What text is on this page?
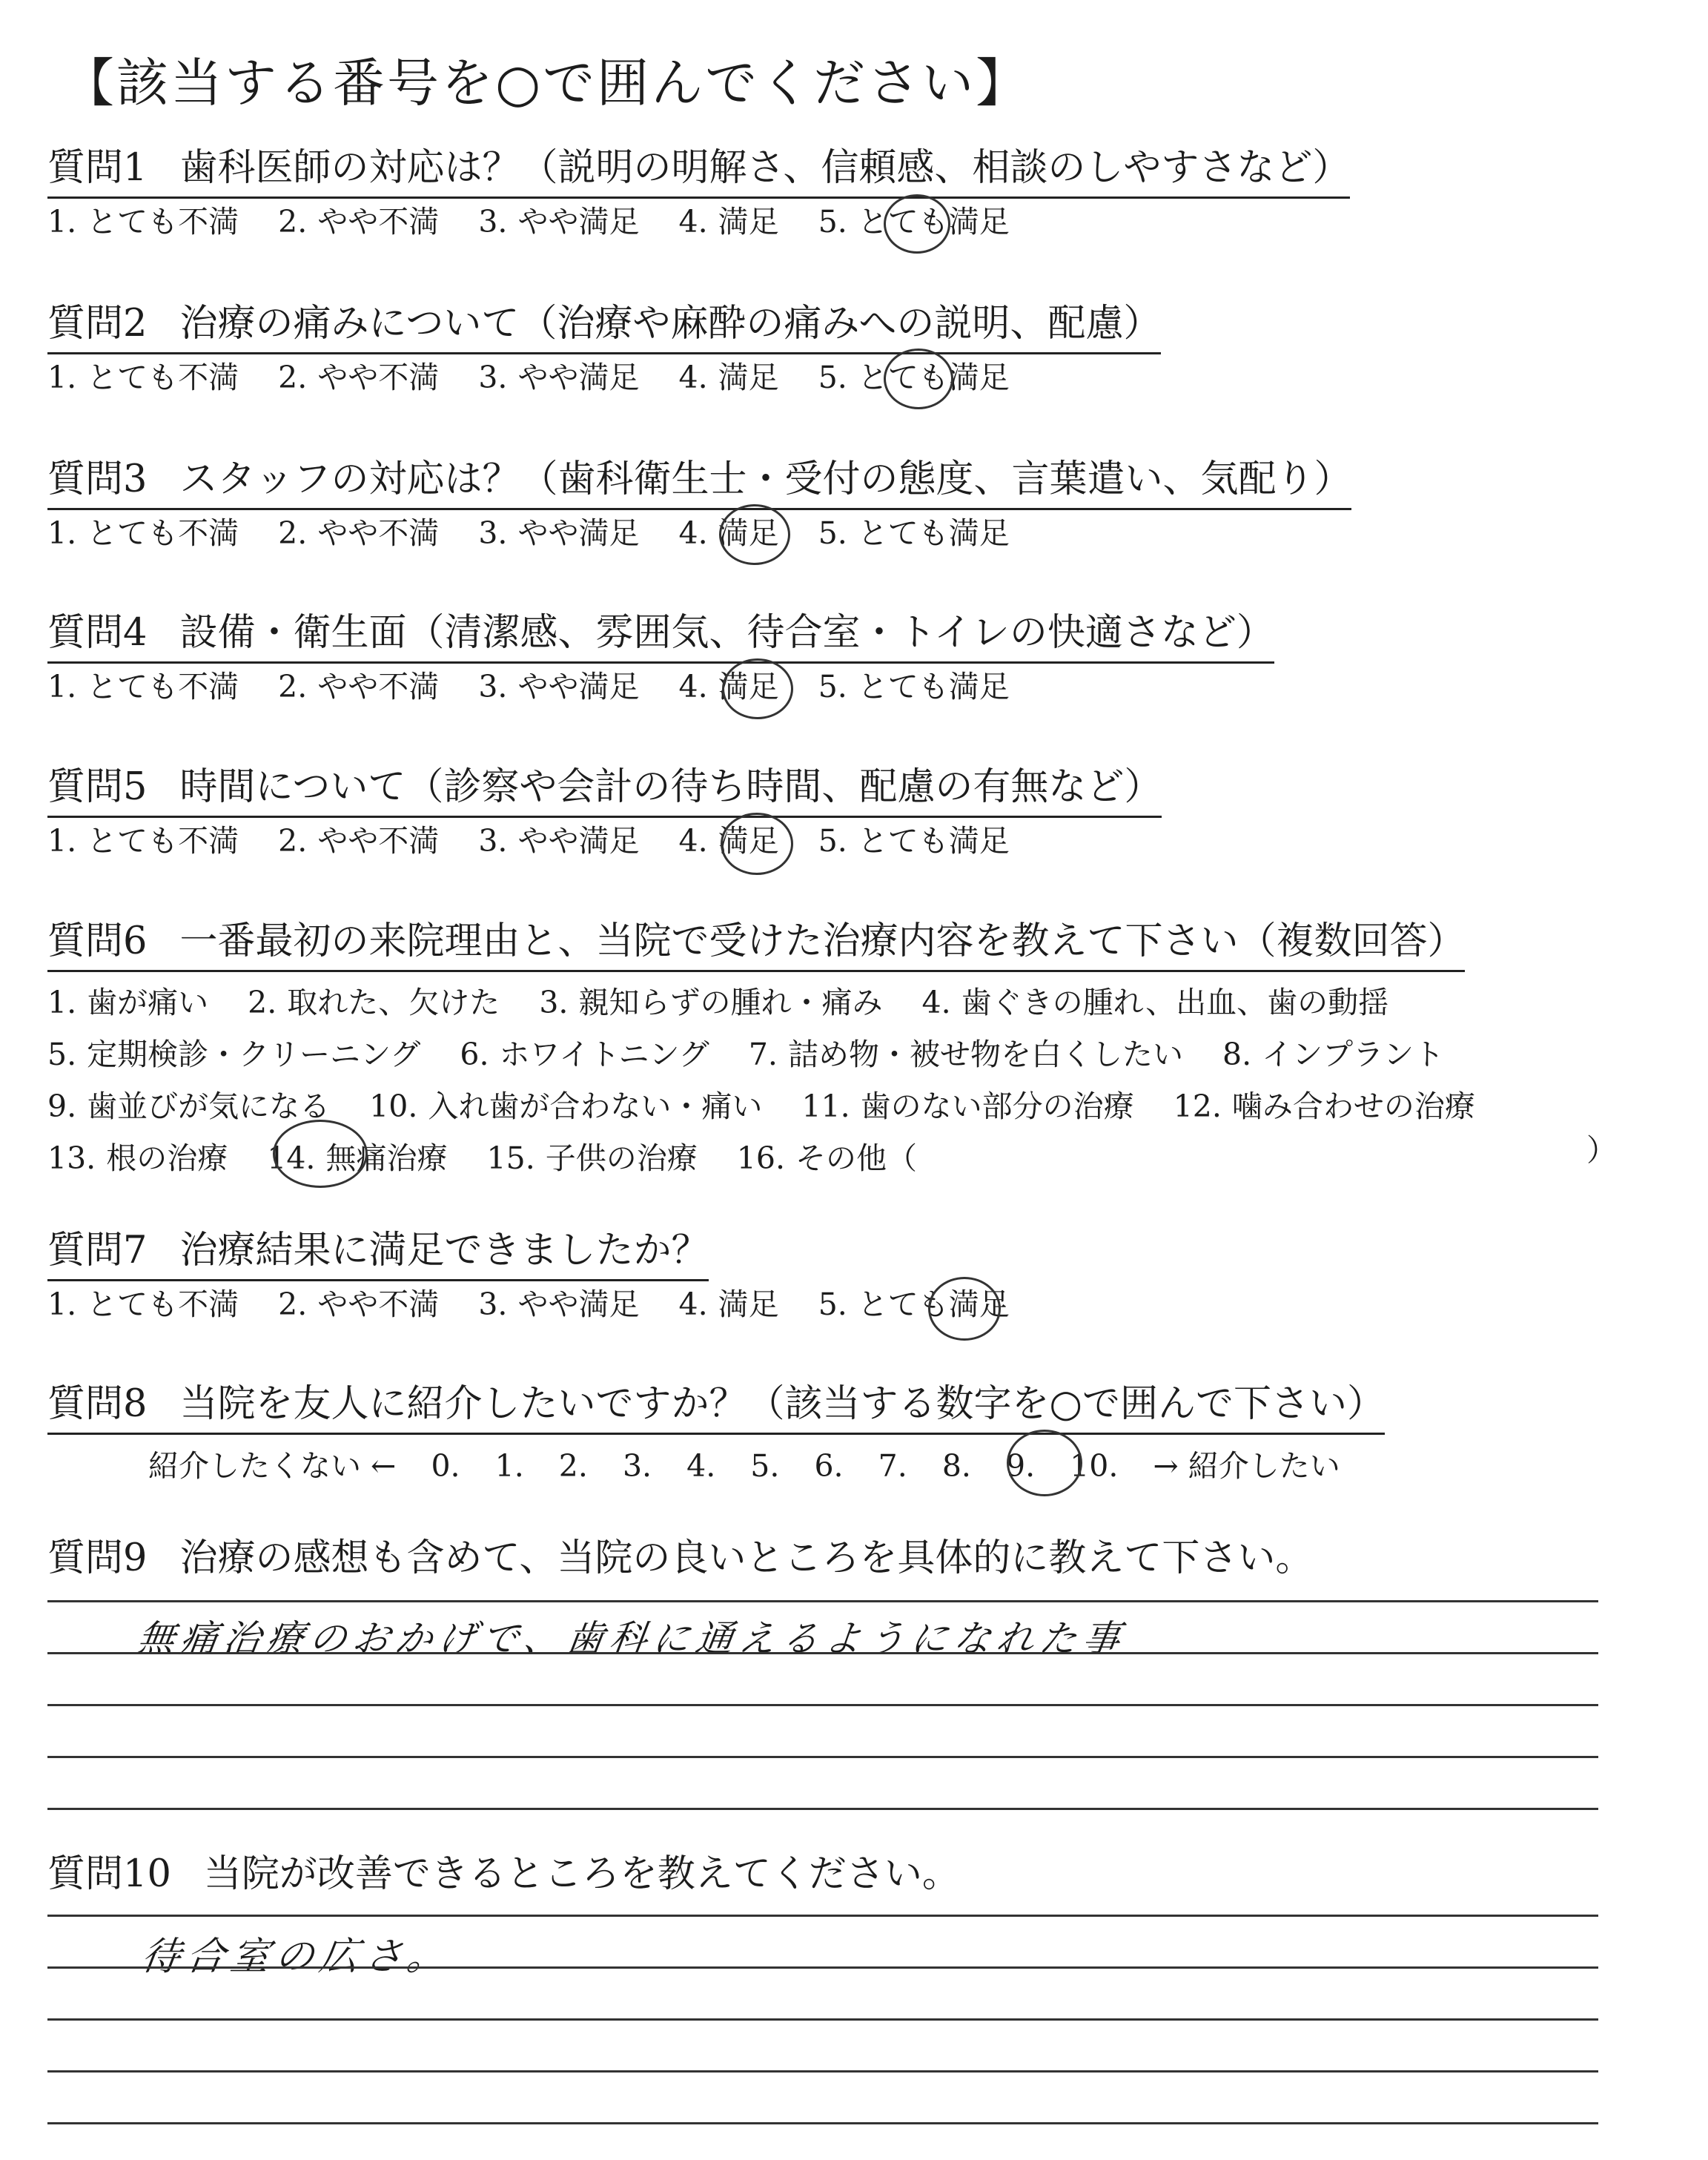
【該当する番号を○で囲んでください】
質問1 歯科医師の対応は？（説明の明解さ、信頼感、相談のしやすさなど）
1. とても不満 2. やや不満 3. やや満足 4. 満足 5. とても満足
質問2 治療の痛みについて（治療や麻酔の痛みへの説明、配慮）
1. とても不満 2. やや不満 3. やや満足 4. 満足 5. とても満足
質問3 スタッフの対応は？（歯科衛生士・受付の態度、言葉遣い、気配り）
1. とても不満 2. やや不満 3. やや満足 4. 満足 5. とても満足
質問4 設備・衛生面（清潔感、雰囲気、待合室・トイレの快適さなど）
1. とても不満 2. やや不満 3. やや満足 4. 満足 5. とても満足
質問5 時間について（診察や会計の待ち時間、配慮の有無など）
1. とても不満 2. やや不満 3. やや満足 4. 満足 5. とても満足
質問6 一番最初の来院理由と、当院で受けた治療内容を教えて下さい（複数回答）
1. 歯が痛い 2. 取れた、欠けた 3. 親知らずの腫れ・痛み 4. 歯ぐきの腫れ、出血、歯の動揺
5. 定期検診・クリーニング 6. ホワイトニング 7. 詰め物・被せ物を白くしたい 8. インプラント
9. 歯並びが気になる 10. 入れ歯が合わない・痛い 11. 歯のない部分の治療 12. 噛み合わせの治療
13. 根の治療 14. 無痛治療 15. 子供の治療 16. その他（	）
質問7 治療結果に満足できましたか？
1. とても不満 2. やや不満 3. やや満足 4. 満足 5. とても満足
質問8 当院を友人に紹介したいですか？（該当する数字を○で囲んで下さい）
紹介したくない ← 0. 1. 2. 3. 4. 5. 6. 7. 8. 9. 10. → 紹介したい
質問9 治療の感想も含めて、当院の良いところを具体的に教えて下さい。
無痛治療のおかげで、歯科に通えるようになれた事
質問10 当院が改善できるところを教えてください。
待合室の広さ。
